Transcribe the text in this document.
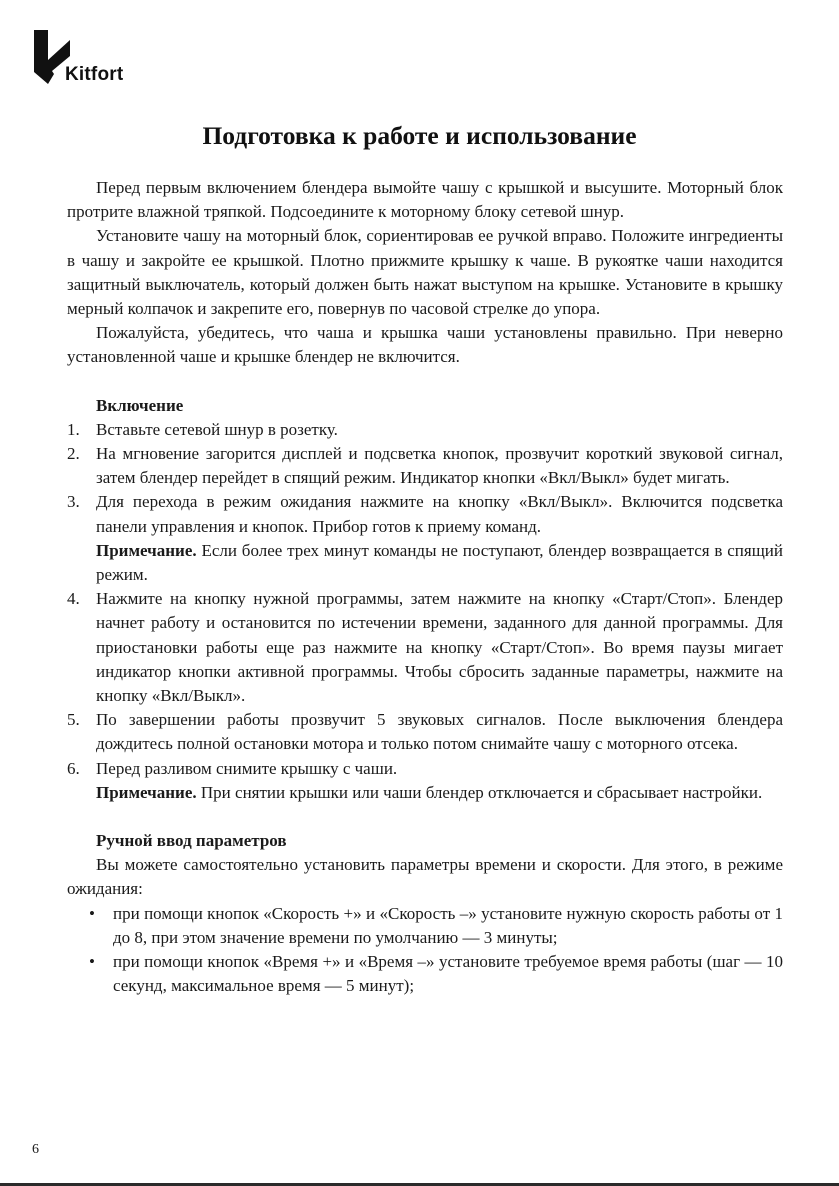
Kitfort
Подготовка к работе и использование

Перед первым включением блендера вымойте чашу с крышкой и высушите. Моторный блок протрите влажной тряпкой. Подсоедините к моторному блоку сетевой шнур.

Установите чашу на моторный блок, сориентировав ее ручкой вправо. Положите ингредиенты в чашу и закройте ее крышкой. Плотно прижмите крышку к чаше. В рукоятке чаши находится защитный выключатель, который должен быть нажат выступом на крышке. Установите в крышку мерный колпачок и закрепите его, повернув по часовой стрелке до упора.

Пожалуйста, убедитесь, что чаша и крышка чаши установлены правильно. При неверно установленной чаше и крышке блендер не включится.

Включение
1. Вставьте сетевой шнур в розетку.
2. На мгновение загорится дисплей и подсветка кнопок, прозвучит короткий звуковой сигнал, затем блендер перейдет в спящий режим. Индикатор кнопки «Вкл/Выкл» будет мигать.
3. Для перехода в режим ожидания нажмите на кнопку «Вкл/Выкл». Включится подсветка панели управления и кнопок. Прибор готов к приему команд.
Примечание. Если более трех минут команды не поступают, блендер возвращается в спящий режим.
4. Нажмите на кнопку нужной программы, затем нажмите на кнопку «Старт/Стоп». Блендер начнет работу и остановится по истечении времени, заданного для данной программы. Для приостановки работы еще раз нажмите на кнопку «Старт/Стоп». Во время паузы мигает индикатор кнопки активной программы. Чтобы сбросить заданные параметры, нажмите на кнопку «Вкл/Выкл».
5. По завершении работы прозвучит 5 звуковых сигналов. После выключения блендера дождитесь полной остановки мотора и только потом снимайте чашу с моторного отсека.
6. Перед разливом снимите крышку с чаши.
Примечание. При снятии крышки или чаши блендер отключается и сбрасывает настройки.
Ручной ввод параметров

Вы можете самостоятельно установить параметры времени и скорости. Для этого, в режиме ожидания:

• при помощи кнопок «Скорость +» и «Скорость –» установите нужную скорость работы от 1 до 8, при этом значение времени по умолчанию — 3 минуты;
• при помощи кнопок «Время +» и «Время –» установите требуемое время работы (шаг — 10 секунд, максимальное время — 5 минут);
6
